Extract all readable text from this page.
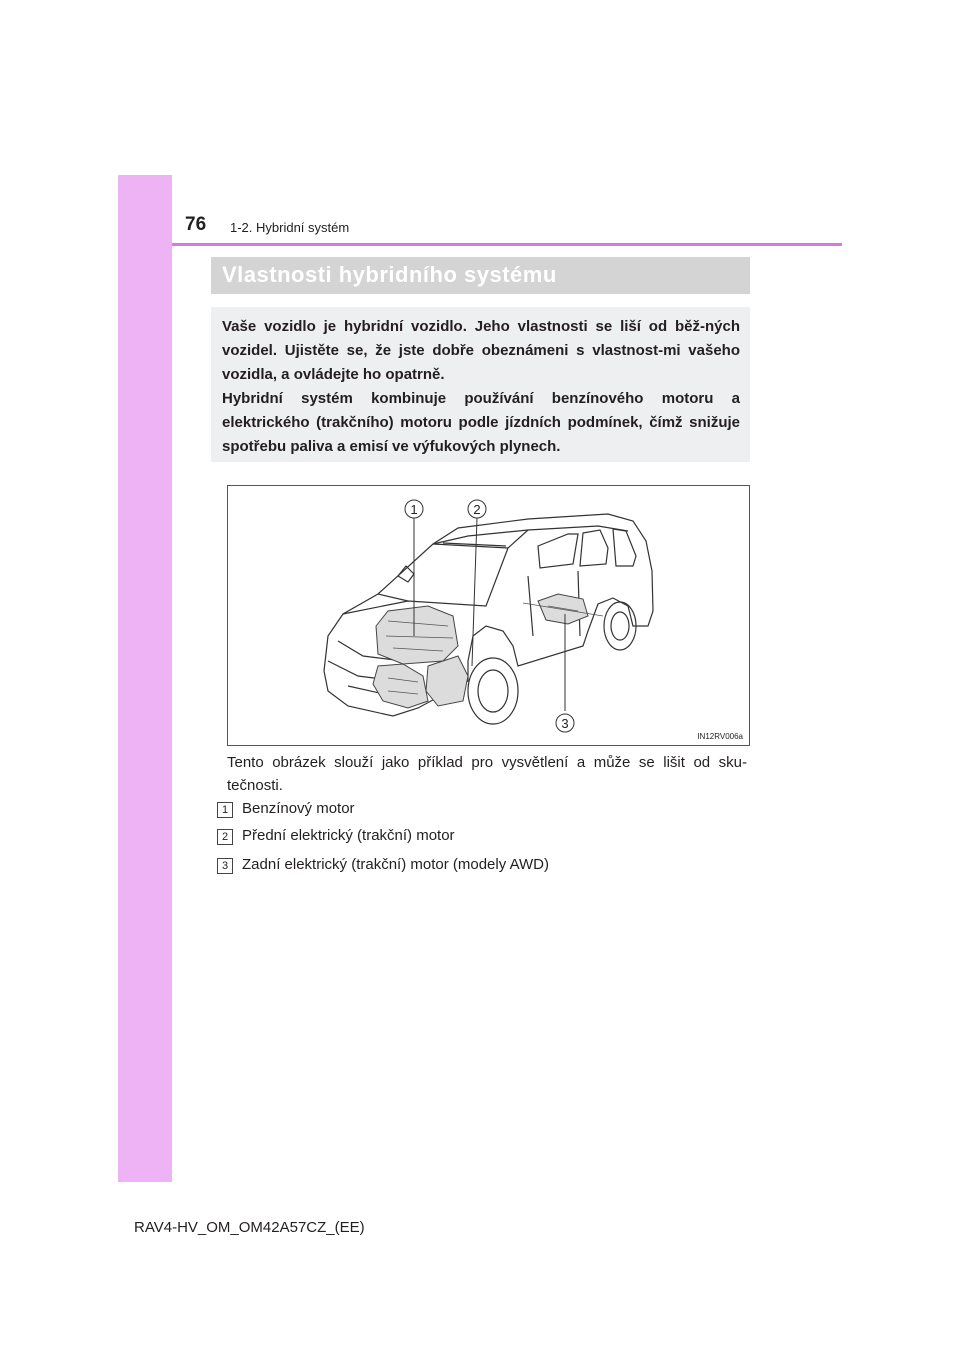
76 1-2. Hybridní systém
Vlastnosti hybridního systému

Vaše vozidlo je hybridní vozidlo. Jeho vlastnosti se liší od běž-ných vozidel. Ujistěte se, že jste dobře obeznámeni s vlastnost-mi vašeho vozidla, a ovládejte ho opatrně.

Hybridní systém kombinuje používání benzínového motoru a elektrického (trakčního) motoru podle jízdních podmínek, čímž snižuje spotřebu paliva a emisí ve výfukových plynech.

1	2
3
IN12RV006a

Tento obrázek slouží jako příklad pro vysvětlení a může se lišit od sku-tečnosti.

1 Benzínový motor
2 Přední elektrický (trakční) motor
3 Zadní elektrický (trakční) motor (modely AWD)
RAV4-HV_OM_OM42A57CZ_(EE)
